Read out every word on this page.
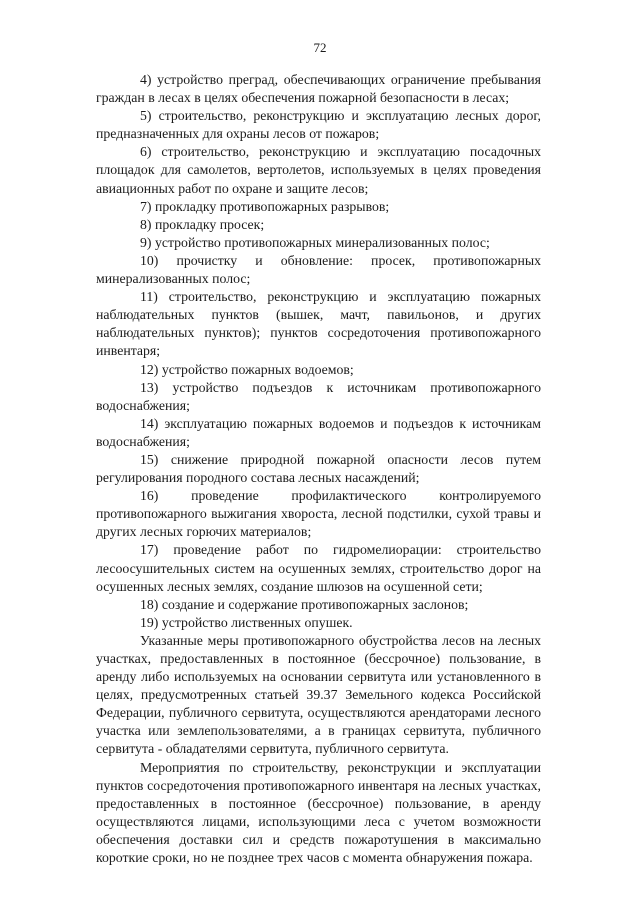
72

4) устройство преград, обеспечивающих ограничение пребывания граждан в лесах в целях обеспечения пожарной безопасности в лесах;

5) строительство, реконструкцию и эксплуатацию лесных дорог, предназначенных для охраны лесов от пожаров;

6) строительство, реконструкцию и эксплуатацию посадочных площадок для самолетов, вертолетов, используемых в целях проведения авиационных работ по охране и защите лесов;

7) прокладку противопожарных разрывов;

8) прокладку просек;

9) устройство противопожарных минерализованных полос;

10) прочистку и обновление: просек, противопожарных минерализованных полос;

11) строительство, реконструкцию и эксплуатацию пожарных наблюдательных пунктов (вышек, мачт, павильонов, и других наблюдательных пунктов); пунктов сосредоточения противопожарного инвентаря;

12) устройство пожарных водоемов;

13) устройство подъездов к источникам противопожарного водоснабжения;

14) эксплуатацию пожарных водоемов и подъездов к источникам водоснабжения;

15) снижение природной пожарной опасности лесов путем регулирования породного состава лесных насаждений;

16) проведение профилактического контролируемого противопожарного выжигания хвороста, лесной подстилки, сухой травы и других лесных горючих материалов;

17) проведение работ по гидромелиорации: строительство лесоосушительных систем на осушенных землях, строительство дорог на осушенных лесных землях, создание шлюзов на осушенной сети;

18) создание и содержание противопожарных заслонов;

19) устройство лиственных опушек.

Указанные меры противопожарного обустройства лесов на лесных участках, предоставленных в постоянное (бессрочное) пользование, в аренду либо используемых на основании сервитута или установленного в целях, предусмотренных статьей 39.37 Земельного кодекса Российской Федерации, публичного сервитута, осуществляются арендаторами лесного участка или землепользователями, а в границах сервитута, публичного сервитута - обладателями сервитута, публичного сервитута.

Мероприятия по строительству, реконструкции и эксплуатации пунктов сосредоточения противопожарного инвентаря на лесных участках, предоставленных в постоянное (бессрочное) пользование, в аренду осуществляются лицами, использующими леса с учетом возможности обеспечения доставки сил и средств пожаротушения в максимально короткие сроки, но не позднее трех часов с момента обнаружения пожара.
